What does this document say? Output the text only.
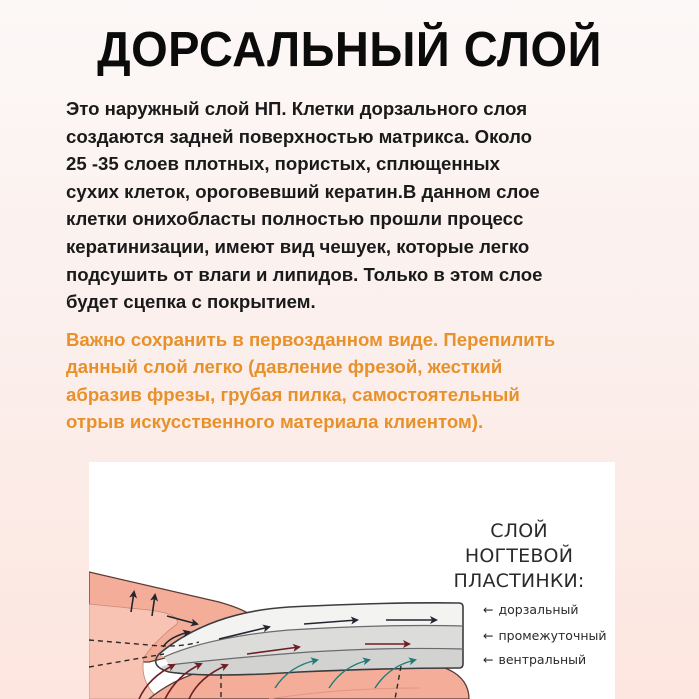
ДОРСАЛЬНЫЙ СЛОЙ
Это наружный слой НП. Клетки дорзального слоя
создаются задней поверхностью матрикса. Около
25 -35 слоев плотных, пористых, сплющенных
сухих клеток, ороговевший кератин.В данном слое
клетки онихобласты полностью прошли процесс
кератинизации, имеют вид чешуек, которые легко
подсушить от влаги и липидов. Только в этом слое
будет сцепка с покрытием.
Важно сохранить в первозданном виде. Перепилить
данный слой легко (давление фрезой, жесткий
абразив фрезы, грубая пилка, самостоятельный
отрыв искусственного материала клиентом).
СЛОЙ
НОГТЕВОЙ
ПЛАСТИНКИ:
← дорзальный
← промежуточный
← вентральный
